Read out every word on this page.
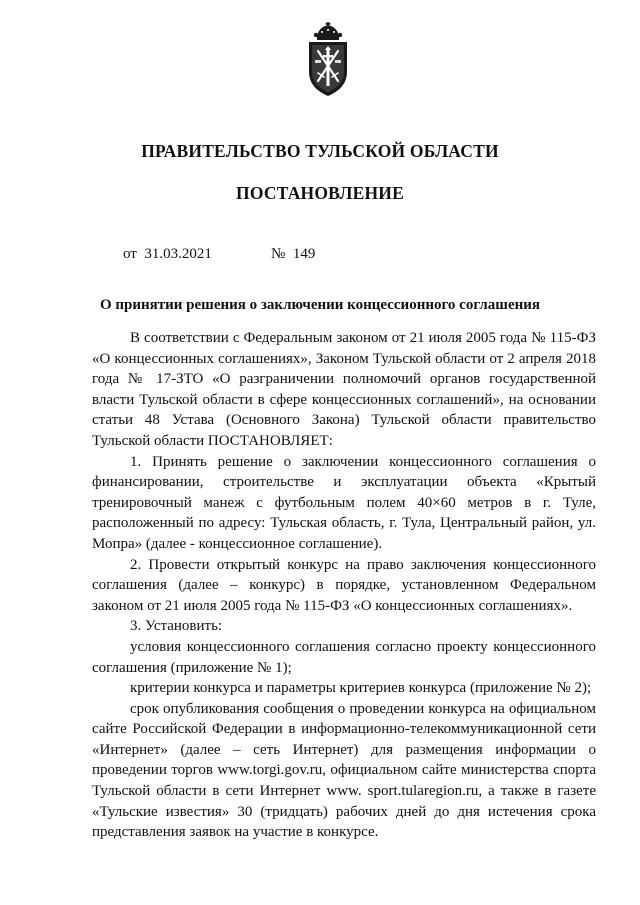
ПРАВИТЕЛЬСТВО ТУЛЬСКОЙ ОБЛАСТИ
ПОСТАНОВЛЕНИЕ
от 31.03.2021	№ 149
О принятии решения о заключении концессионного соглашения

В соответствии с Федеральным законом от 21 июля 2005 года № 115-ФЗ «О концессионных соглашениях», Законом Тульской области от 2 апреля 2018 года № 17-ЗТО «О разграничении полномочий органов государственной власти Тульской области в сфере концессионных соглашений», на основании статьи 48 Устава (Основного Закона) Тульской области правительство Тульской области ПОСТАНОВЛЯЕТ:

1. Принять решение о заключении концессионного соглашения о финансировании, строительстве и эксплуатации объекта «Крытый тренировочный манеж с футбольным полем 40×60 метров в г. Туле, расположенный по адресу: Тульская область, г. Тула, Центральный район, ул. Мопра» (далее - концессионное соглашение).

2. Провести открытый конкурс на право заключения концессионного соглашения (далее – конкурс) в порядке, установленном Федеральном законом от 21 июля 2005 года № 115-ФЗ «О концессионных соглашениях».

3. Установить:

условия концессионного соглашения согласно проекту концессионного соглашения (приложение № 1);

критерии конкурса и параметры критериев конкурса (приложение № 2);

срок опубликования сообщения о проведении конкурса на официальном сайте Российской Федерации в информационно-телекоммуникационной сети «Интернет» (далее – сеть Интернет) для размещения информации о проведении торгов www.torgi.gov.ru, официальном сайте министерства спорта Тульской области в сети Интернет www. sport.tularegion.ru, а также в газете «Тульские известия» 30 (тридцать) рабочих дней до дня истечения срока представления заявок на участие в конкурсе.
